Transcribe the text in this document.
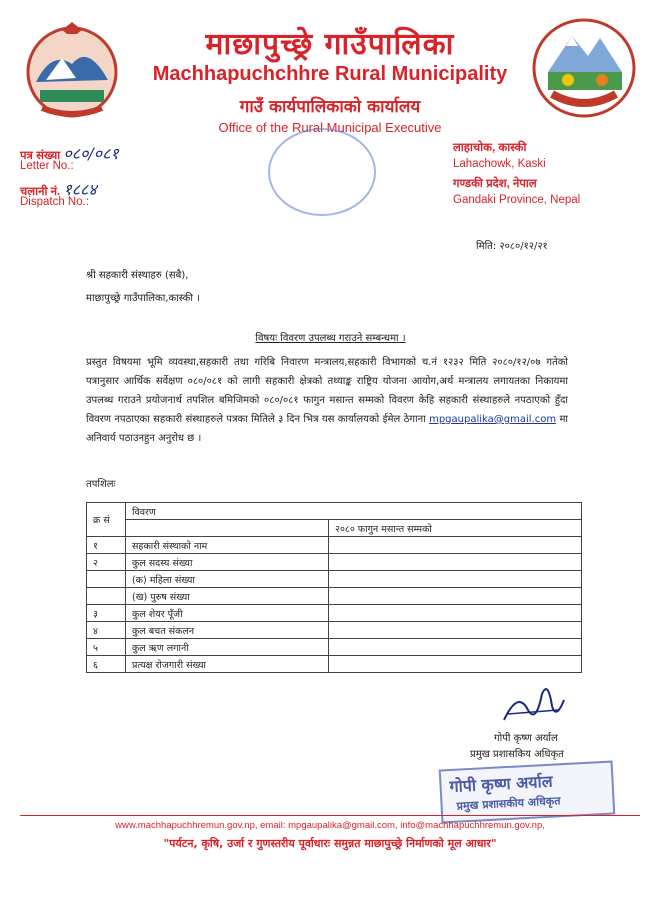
माछापुच्छ्रे गाउँपालिका
Machhapuchchhre Rural Municipality
गाउँ कार्यपालिकाको कार्यालय
Office of the Rural Municipal Executive
पत्र संख्या ०८०/०८१
Letter No.:
चलानी नं. १८८४
Dispatch No.:
लाहाचोक, कास्की
Lahachowk, Kaski
गण्डकी प्रदेश, नेपाल
Gandaki Province, Nepal
मिति: २०८०/१२/२१
श्री सहकारी संस्थाहरु (सबै),
माछापुच्छ्रे गाउँपालिका,कास्की ।
विषयः विवरण उपलब्ध गराउने सम्बन्धमा ।
प्रस्तुत विषयमा भूमि व्यवस्था,सहकारी तथा गरिबि निवारण मन्त्रालय,सहकारी विभागको च.नं १२३२ मिति २०८०/१२/०७ गतेको पत्रानुसार आर्थिक सर्वेक्षण ०८०/०८१ को लागी सहकारी क्षेत्रको तथ्याङ्क राष्ट्रिय योजना आयोग,अर्थ मन्त्रालय लगायतका निकायमा उपलब्ध गराउने प्रयोजनार्थ तपशिल बमिजिमको ०८०/०८१ फागुन मसान्त सम्मको विवरण केहि सहकारी संस्थाहरुले नपठाएको हुँदा विवरण नपठाएका सहकारी संस्थाहरुले पत्रका मितिले ३ दिन भित्र यस कार्यालयको ईमेल ठेगाना mpgaupalika@gmail.com मा अनिवार्य पठाउनहुन अनुरोध छ ।
तपशिलः
क्र सं	विवरण	
		२०८० फागुन मसान्त सम्मको
१	सहकारी संस्थाको नाम	
२	कुल सदस्य संख्या	
	(क) महिला संख्या	
	(ख) पुरुष संख्या	
३	कुल शेयर पूँजी	
४	कुल बचत संकलन	
५	कुल ऋण लगानी	
६	प्रत्यक्ष रोजगारी संख्या	
गोपी कृष्ण अर्याल
प्रमुख प्रशासकिय अधिकृत
गोपी कृष्ण अर्याल
प्रमुख प्रशासकीय अधिकृत
www.machhapuchhremun.gov.np, email: mpgaupalika@gmail.com, info@machhapuchhremun.gov.np,
"पर्यटन, कृषि, उर्जा र गुणस्तरीय पूर्वाधारः समुन्नत माछापुच्छ्रे निर्माणको मूल आधार"
